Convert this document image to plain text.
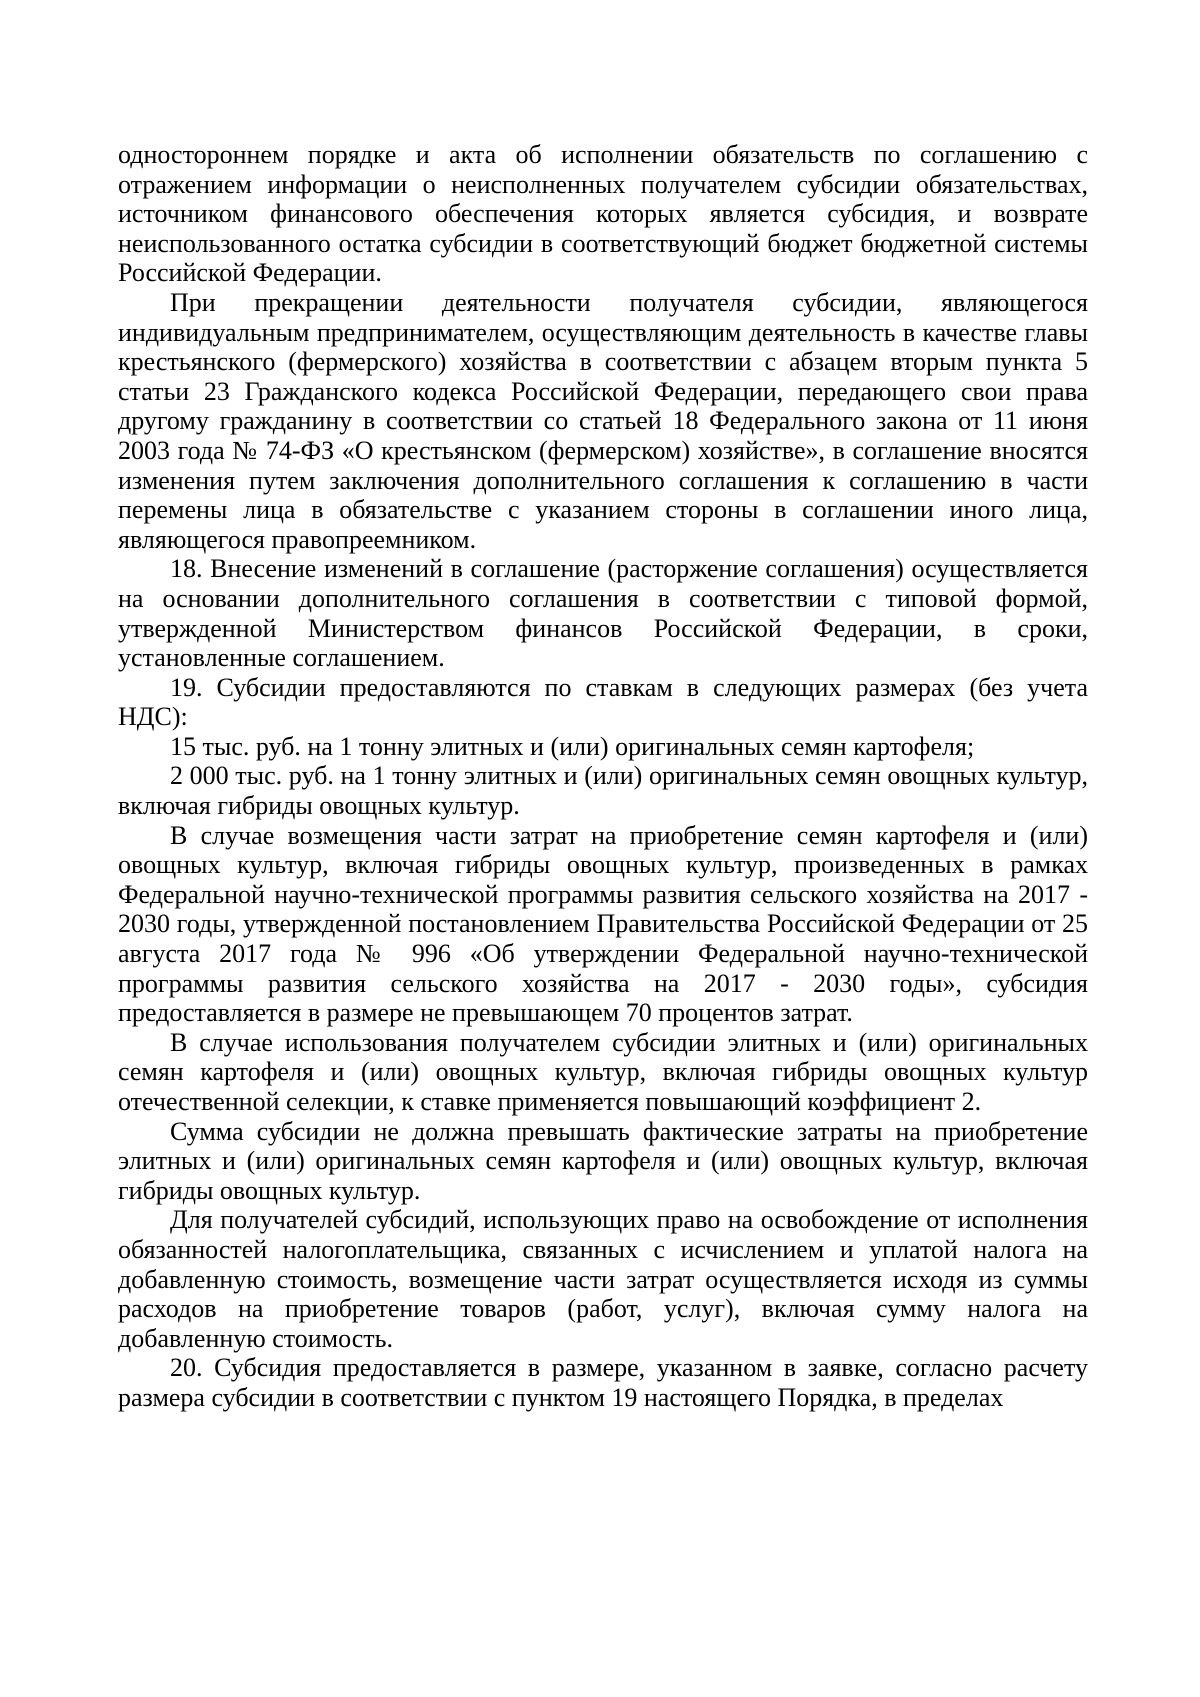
одностороннем порядке и акта об исполнении обязательств по соглашению с отражением информации о неисполненных получателем субсидии обязательствах, источником финансового обеспечения которых является субсидия, и возврате неиспользованного остатка субсидии в соответствующий бюджет бюджетной системы Российской Федерации.

При прекращении деятельности получателя субсидии, являющегося индивидуальным предпринимателем, осуществляющим деятельность в качестве главы крестьянского (фермерского) хозяйства в соответствии с абзацем вторым пункта 5 статьи 23 Гражданского кодекса Российской Федерации, передающего свои права другому гражданину в соответствии со статьей 18 Федерального закона от 11 июня 2003 года № 74-ФЗ «О крестьянском (фермерском) хозяйстве», в соглашение вносятся изменения путем заключения дополнительного соглашения к соглашению в части перемены лица в обязательстве с указанием стороны в соглашении иного лица, являющегося правопреемником.

18. Внесение изменений в соглашение (расторжение соглашения) осуществляется на основании дополнительного соглашения в соответствии с типовой формой, утвержденной Министерством финансов Российской Федерации, в сроки, установленные соглашением.

19. Субсидии предоставляются по ставкам в следующих размерах (без учета НДС):

15 тыс. руб. на 1 тонну элитных и (или) оригинальных семян картофеля;

2 000 тыс. руб. на 1 тонну элитных и (или) оригинальных семян овощных культур, включая гибриды овощных культур.

В случае возмещения части затрат на приобретение семян картофеля и (или) овощных культур, включая гибриды овощных культур, произведенных в рамках Федеральной научно-технической программы развития сельского хозяйства на 2017 - 2030 годы, утвержденной постановлением Правительства Российской Федерации от 25 августа 2017 года № 996 «Об утверждении Федеральной научно-технической программы развития сельского хозяйства на 2017 - 2030 годы», субсидия предоставляется в размере не превышающем 70 процентов затрат.

В случае использования получателем субсидии элитных и (или) оригинальных семян картофеля и (или) овощных культур, включая гибриды овощных культур отечественной селекции, к ставке применяется повышающий коэффициент 2.

Сумма субсидии не должна превышать фактические затраты на приобретение элитных и (или) оригинальных семян картофеля и (или) овощных культур, включая гибриды овощных культур.

Для получателей субсидий, использующих право на освобождение от исполнения обязанностей налогоплательщика, связанных с исчислением и уплатой налога на добавленную стоимость, возмещение части затрат осуществляется исходя из суммы расходов на приобретение товаров (работ, услуг), включая сумму налога на добавленную стоимость.

20. Субсидия предоставляется в размере, указанном в заявке, согласно расчету размера субсидии в соответствии с пунктом 19 настоящего Порядка, в пределах
